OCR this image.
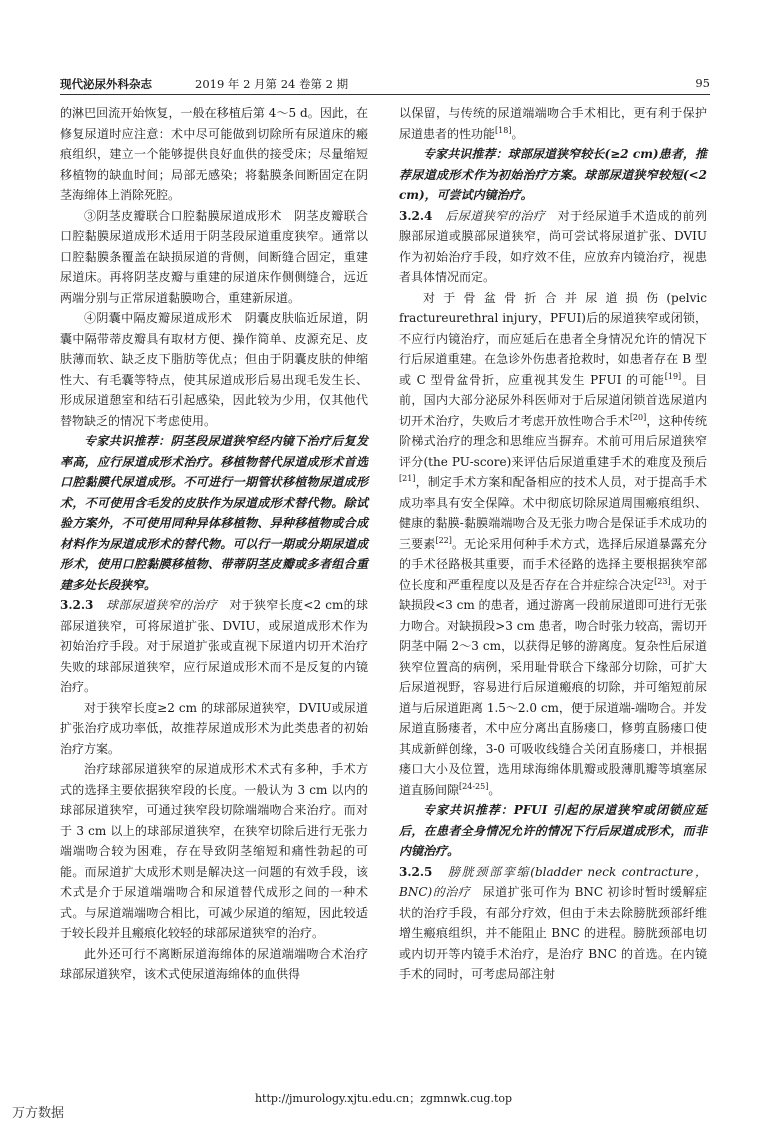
现代泌尿外科杂志	2019 年 2 月第 24 卷第 2 期	95

的淋巴回流开始恢复，一般在移植后第 4～5 d。因此，在修复尿道时应注意：术中尽可能做到切除所有尿道床的瘢痕组织，建立一个能够提供良好血供的接受床；尽量缩短移植物的缺血时间；局部无感染；将黏膜条间断固定在阴茎海绵体上消除死腔。

③阴茎皮瓣联合口腔黏膜尿道成形术　阴茎皮瓣联合口腔黏膜尿道成形术适用于阴茎段尿道重度狭窄。通常以口腔黏膜条覆盖在缺损尿道的背侧，间断缝合固定，重建尿道床。再将阴茎皮瓣与重建的尿道床作侧侧缝合，远近两端分别与正常尿道黏膜吻合，重建新尿道。

④阴囊中隔皮瓣尿道成形术　阴囊皮肤临近尿道，阴囊中隔带蒂皮瓣具有取材方便、操作简单、皮源充足、皮肤薄而软、缺乏皮下脂肪等优点；但由于阴囊皮肤的伸缩性大、有毛囊等特点，使其尿道成形后易出现毛发生长、形成尿道憩室和结石引起感染，因此较为少用，仅其他代替物缺乏的情况下考虑使用。

专家共识推荐：阴茎段尿道狭窄经内镜下治疗后复发率高，应行尿道成形术治疗。移植物替代尿道成形术首选口腔黏膜代尿道成形。不可进行一期管状移植物尿道成形术，不可使用含毛发的皮肤作为尿道成形术替代物。除试验方案外，不可使用同种异体移植物、异种移植物或合成材料作为尿道成形术的替代物。可以行一期或分期尿道成形术，使用口腔黏膜移植物、带蒂阴茎皮瓣或多者组合重建多处长段狭窄。

3.2.3　球部尿道狭窄的治疗　对于狭窄长度<2 cm的球部尿道狭窄，可将尿道扩张、DVIU，或尿道成形术作为初始治疗手段。对于尿道扩张或直视下尿道内切开术治疗失败的球部尿道狭窄，应行尿道成形术而不是反复的内镜治疗。

对于狭窄长度≥2 cm 的球部尿道狭窄，DVIU或尿道扩张治疗成功率低，故推荐尿道成形术为此类患者的初始治疗方案。

治疗球部尿道狭窄的尿道成形术术式有多种，手术方式的选择主要依据狭窄段的长度。一般认为 3 cm 以内的球部尿道狭窄，可通过狭窄段切除端端吻合来治疗。而对于 3 cm 以上的球部尿道狭窄，在狭窄切除后进行无张力端端吻合较为困难，存在导致阴茎缩短和痛性勃起的可能。而尿道扩大成形术则是解决这一问题的有效手段，该术式是介于尿道端端吻合和尿道替代成形之间的一种术式。与尿道端端吻合相比，可减少尿道的缩短，因此较适于较长段并且瘢痕化较轻的球部尿道狭窄的治疗。

此外还可行不离断尿道海绵体的尿道端端吻合术治疗球部尿道狭窄，该术式使尿道海绵体的血供得

以保留，与传统的尿道端端吻合手术相比，更有利于保护尿道患者的性功能[18]。

专家共识推荐：球部尿道狭窄较长(≥2 cm)患者，推荐尿道成形术作为初始治疗方案。球部尿道狭窄较短(<2 cm)，可尝试内镜治疗。

3.2.4　后尿道狭窄的治疗　对于经尿道手术造成的前列腺部尿道或膜部尿道狭窄，尚可尝试将尿道扩张、DVIU 作为初始治疗手段，如疗效不佳，应放弃内镜治疗，视患者具体情况而定。

对于骨盆骨折合并尿道损伤(pelvic fractureurethral injury，PFUI)后的尿道狭窄或闭锁，不应行内镜治疗，而应延后在患者全身情况允许的情况下行后尿道重建。在急诊外伤患者抢救时，如患者存在 B 型或 C 型骨盆骨折，应重视其发生 PFUI 的可能[19]。目前，国内大部分泌尿外科医师对于后尿道闭锁首选尿道内切开术治疗，失败后才考虑开放性吻合手术[20]，这种传统阶梯式治疗的理念和思维应当摒弃。术前可用后尿道狭窄评分(the PU-score)来评估后尿道重建手术的难度及预后[21]，制定手术方案和配备相应的技术人员，对于提高手术成功率具有安全保障。术中彻底切除尿道周围瘢痕组织、健康的黏膜-黏膜端端吻合及无张力吻合是保证手术成功的三要素[22]。无论采用何种手术方式，选择后尿道暴露充分的手术径路极其重要，而手术径路的选择主要根据狭窄部位长度和严重程度以及是否存在合并症综合决定[23]。对于缺损段<3 cm 的患者，通过游离一段前尿道即可进行无张力吻合。对缺损段>3 cm 患者，吻合时张力较高，需切开阴茎中隔 2～3 cm，以获得足够的游离度。复杂性后尿道狭窄位置高的病例，采用耻骨联合下缘部分切除，可扩大后尿道视野，容易进行后尿道瘢痕的切除，并可缩短前尿道与后尿道距离 1.5～2.0 cm，便于尿道端-端吻合。并发尿道直肠瘘者，术中应分离出直肠瘘口，修剪直肠瘘口使其成新鲜创缘，3-0 可吸收线缝合关闭直肠瘘口，并根据瘘口大小及位置，选用球海绵体肌瓣或股薄肌瓣等填塞尿道直肠间隙[24-25]。

专家共识推荐：PFUI 引起的尿道狭窄或闭锁应延后，在患者全身情况允许的情况下行后尿道成形术，而非内镜治疗。

3.2.5　膀胱颈部挛缩(bladder neck contracture，BNC)的治疗　尿道扩张可作为 BNC 初诊时暂时缓解症状的治疗手段，有部分疗效，但由于未去除膀胱颈部纤维增生瘢痕组织，并不能阻止 BNC 的进程。膀胱颈部电切或内切开等内镜手术治疗，是治疗 BNC 的首选。在内镜手术的同时，可考虑局部注射

http://jmurology.xjtu.edu.cn；zgmnwk.cug.top
万方数据
